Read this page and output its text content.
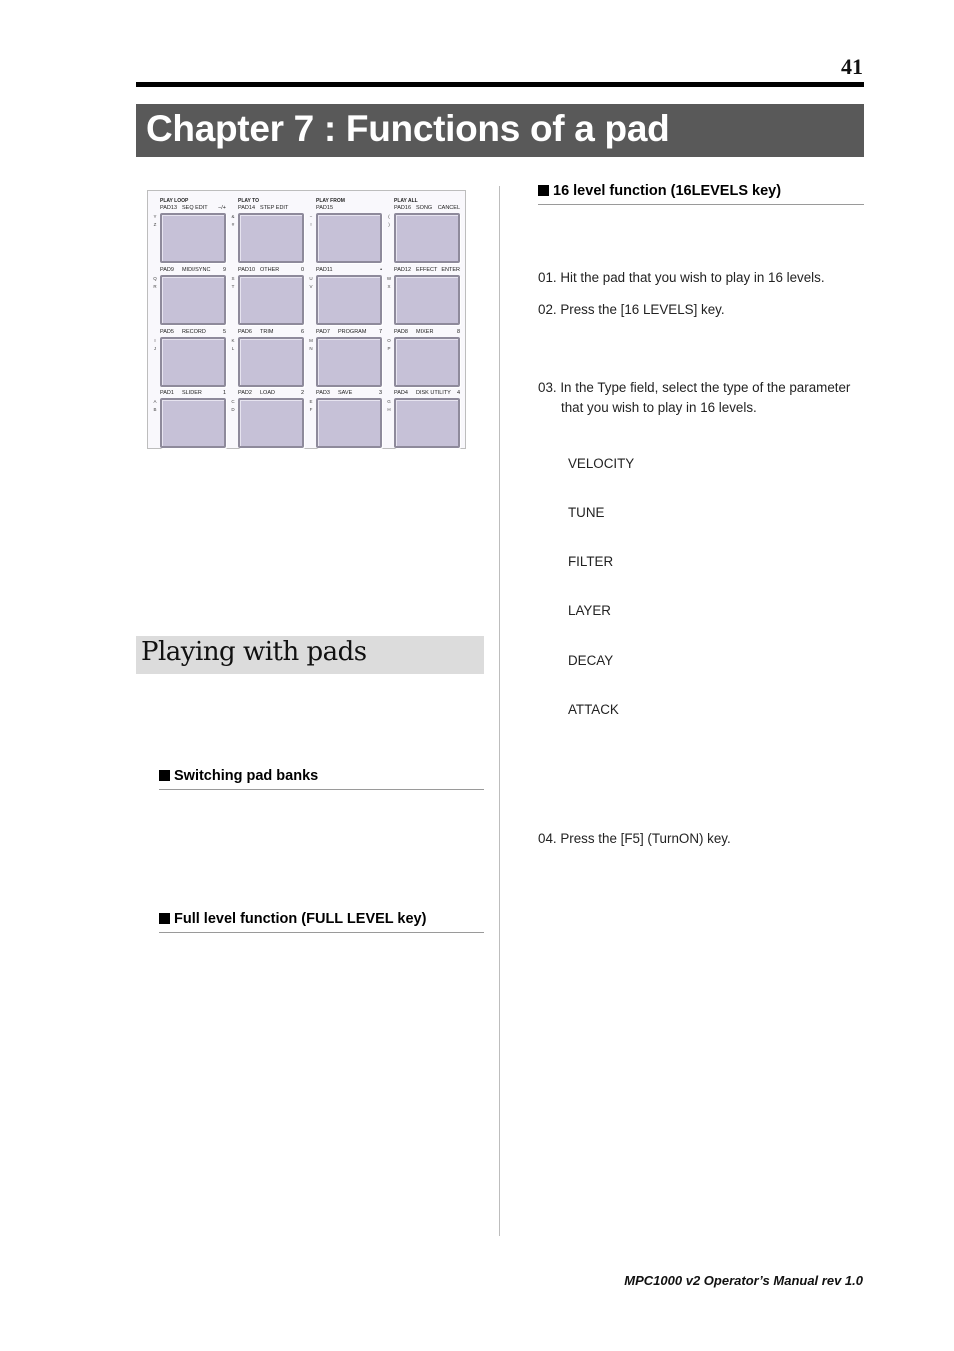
41
Chapter 7 : Functions of a pad
PLAY LOOP
PAD13 SEQ EDIT −/+
Y
Z
PLAY TO
PAD14 STEP EDIT
&
#
PLAY FROM
PAD15
−
!
PLAY ALL
PAD16 SONG CANCEL
(
)
PAD9 MIDI/SYNC 9
Q
R
PAD10 OTHER	0
S
T
PAD11	•
U
V
PAD12 EFFECT ENTER
W
X
PAD5 RECORD	5
I
J
PAD6 TRIM	6
K
L
PAD7 PROGRAM 7
M
N
PAD8 MIXER	8
O
P
PAD1 SLIDER	1
A
B
PAD2 LOAD	2
C
D
PAD3 SAVE	3
E
F
PAD4 DISK UTILITY 4
G
H
Playing with pads
Switching pad banks
Full level function (FULL LEVEL key)
16 level function (16LEVELS key)
01. Hit the pad that you wish to play in 16 levels.
02. Press the [16 LEVELS] key.
03. In the Type field, select the type of the parameter
that you wish to play in 16 levels.
VELOCITY
TUNE
FILTER
LAYER
DECAY
ATTACK
04. Press the [F5] (TurnON) key.
MPC1000 v2 Operator’s Manual rev 1.0
